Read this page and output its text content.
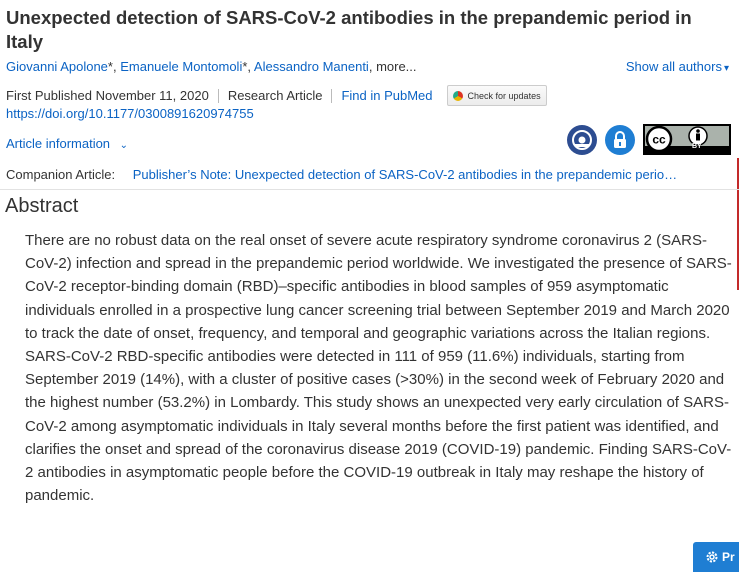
Unexpected detection of SARS-CoV-2 antibodies in the prepandemic period in Italy
Giovanni Apolone*, Emanuele Montomoli*, Alessandro Manenti, more...	Show all authors ▾
First Published November 11, 2020 Research Article Find in PubMed	Check for updates
https://doi.org/10.1177/0300891620974755
Article information ⌄	cc	BY
Companion Article: Publisher’s Note: Unexpected detection of SARS-CoV-2 antibodies in the prepandemic perio…
Abstract
There are no robust data on the real onset of severe acute respiratory syndrome coronavirus 2 (SARS-CoV-2) infection and spread in the prepandemic period worldwide. We investigated the presence of SARS-CoV-2 receptor-binding domain (RBD)–specific antibodies in blood samples of 959 asymptomatic individuals enrolled in a prospective lung cancer screening trial between September 2019 and March 2020 to track the date of onset, frequency, and temporal and geographic variations across the Italian regions. SARS-CoV-2 RBD-specific antibodies were detected in 111 of 959 (11.6%) individuals, starting from September 2019 (14%), with a cluster of positive cases (>30%) in the second week of February 2020 and the highest number (53.2%) in Lombardy. This study shows an unexpected very early circulation of SARS-CoV-2 among asymptomatic individuals in Italy several months before the first patient was identified, and clarifies the onset and spread of the coronavirus disease 2019 (COVID-19) pandemic. Finding SARS-CoV-2 antibodies in asymptomatic people before the COVID-19 outbreak in Italy may reshape the history of pandemic.
Pr
